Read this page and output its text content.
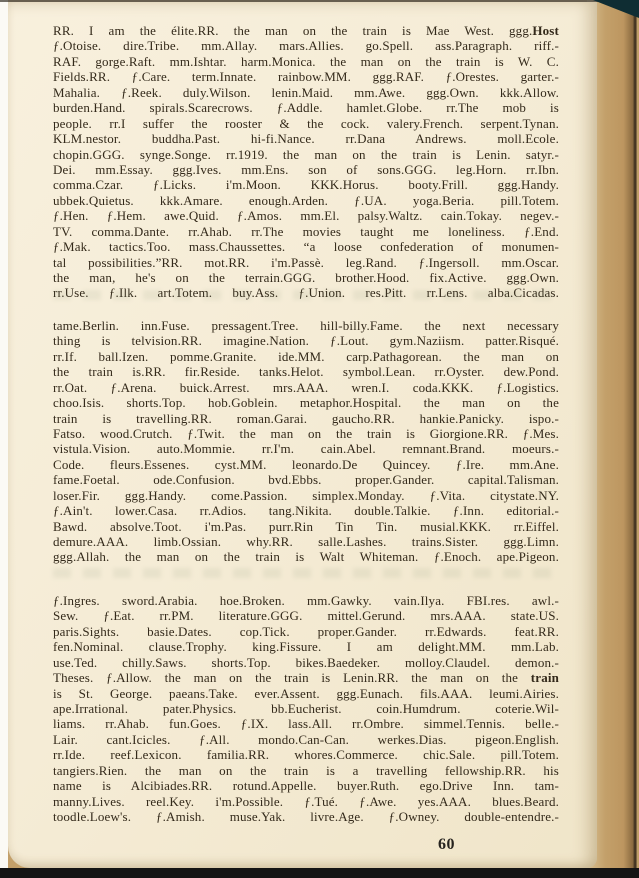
RR. I am the élite.RR. the man on the train is Mae West. ggg.Host
ƒ.Otoise. dire.Tribe. mm.Allay. mars.Allies. go.Spell. ass.Paragraph. riff.-
RAF. gorge.Raft. mm.Ishtar. harm.Monica. the man on the train is W. C.
Fields.RR. ƒ.Care. term.Innate. rainbow.MM. ggg.RAF. ƒ.Orestes. garter.-
Mahalia. ƒ.Reek. duly.Wilson. lenin.Maid. mm.Awe. ggg.Own. kkk.Allow.
burden.Hand. spirals.Scarecrows. ƒ.Addle. hamlet.Globe. rr.The mob is
people. rr.I suffer the rooster & the cock. valery.French. serpent.Tynan.
KLM.nestor. buddha.Past. hi-fi.Nance. rr.Dana Andrews. moll.Ecole.
chopin.GGG. synge.Songe. rr.1919. the man on the train is Lenin. satyr.-
Dei. mm.Essay. ggg.Ives. mm.Ens. son of sons.GGG. leg.Horn. rr.Ibn.
comma.Czar. ƒ.Licks. i'm.Moon. KKK.Horus. booty.Frill. ggg.Handy.
ubbek.Quietus. kkk.Amare. enough.Arden. ƒ.UA. yoga.Beria. pill.Totem.
ƒ.Hen. ƒ.Hem. awe.Quid. ƒ.Amos. mm.El. palsy.Waltz. cain.Tokay. negev.-
TV. comma.Dante. rr.Ahab. rr.The movies taught me loneliness. ƒ.End.
ƒ.Mak. tactics.Too. mass.Chaussettes. “a loose confederation of monumen-
tal possibilities.”RR. mot.RR. i'm.Passè. leg.Rand. ƒ.Ingersoll. mm.Oscar.
the man, he's on the terrain.GGG. brother.Hood. fix.Active. ggg.Own.
rr.Use. ƒ.Ilk. art.Totem. buy.Ass. ƒ.Union. res.Pitt. rr.Lens. alba.Cicadas.
tame.Berlin. inn.Fuse. pressagent.Tree. hill-billy.Fame. the next necessary
thing is telvision.RR. imagine.Nation. ƒ.Lout. gym.Naziism. patter.Risqué.
rr.If. ball.Izen. pomme.Granite. ide.MM. carp.Pathagorean. the man on
the train is.RR. fir.Reside. tanks.Helot. symbol.Lean. rr.Oyster. dew.Pond.
rr.Oat. ƒ.Arena. buick.Arrest. mrs.AAA. wren.I. coda.KKK. ƒ.Logistics.
choo.Isis. shorts.Top. hob.Goblein. metaphor.Hospital. the man on the
train is travelling.RR. roman.Garai. gaucho.RR. hankie.Panicky. ispo.-
Fatso. wood.Crutch. ƒ.Twit. the man on the train is Giorgione.RR. ƒ.Mes.
vistula.Vision. auto.Mommie. rr.I'm. cain.Abel. remnant.Brand. moeurs.-
Code. fleurs.Essenes. cyst.MM. leonardo.De Quincey. ƒ.Ire. mm.Ane.
fame.Foetal. ode.Confusion. bvd.Ebbs. proper.Gander. capital.Talisman.
loser.Fir. ggg.Handy. come.Passion. simplex.Monday. ƒ.Vita. citystate.NY.
ƒ.Ain't. lower.Casa. rr.Adios. tang.Nikita. double.Talkie. ƒ.Inn. editorial.-
Bawd. absolve.Toot. i'm.Pas. purr.Rin Tin Tin. musial.KKK. rr.Eiffel.
demure.AAA. limb.Ossian. why.RR. salle.Lashes. trains.Sister. ggg.Limn.
ggg.Allah. the man on the train is Walt Whiteman. ƒ.Enoch. ape.Pigeon.
ƒ.Ingres. sword.Arabia. hoe.Broken. mm.Gawky. vain.Ilya. FBI.res. awl.-
Sew. ƒ.Eat. rr.PM. literature.GGG. mittel.Gerund. mrs.AAA. state.US.
paris.Sights. basie.Dates. cop.Tick. proper.Gander. rr.Edwards. feat.RR.
fen.Nominal. clause.Trophy. king.Fissure. I am delight.MM. mm.Lab.
use.Ted. chilly.Saws. shorts.Top. bikes.Baedeker. molloy.Claudel. demon.-
Theses. ƒ.Allow. the man on the train is Lenin.RR. the man on the train
is St. George. paeans.Take. ever.Assent. ggg.Eunach. fils.AAA. leumi.Airies.
ape.Irrational. pater.Physics. bb.Eucherist. coin.Humdrum. coterie.Wil-
liams. rr.Ahab. fun.Goes. ƒ.IX. lass.All. rr.Ombre. simmel.Tennis. belle.-
Lair. cant.Icicles. ƒ.All. mondo.Can-Can. werkes.Dias. pigeon.English.
rr.Ide. reef.Lexicon. familia.RR. whores.Commerce. chic.Sale. pill.Totem.
tangiers.Rien. the man on the train is a travelling fellowship.RR. his
name is Alcibiades.RR. rotund.Appelle. buyer.Ruth. ego.Drive Inn. tam-
manny.Lives. reel.Key. i'm.Possible. ƒ.Tué. ƒ.Awe. yes.AAA. blues.Beard.
toodle.Loew's. ƒ.Amish. muse.Yak. livre.Age. ƒ.Owney. double-entendre.-
60
